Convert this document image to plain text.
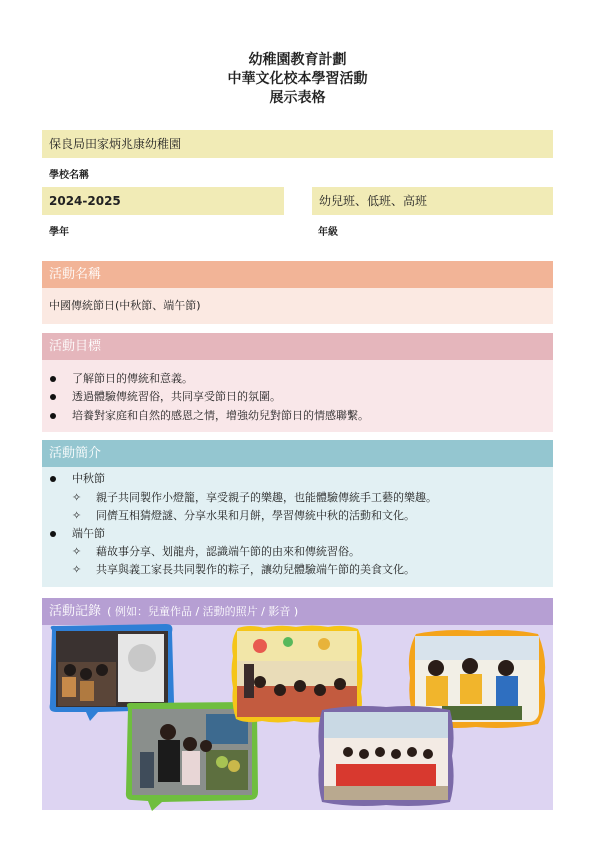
幼稚園教育計劃
中華文化校本學習活動
展示表格
保良局田家炳兆康幼稚園
學校名稱
2024-2025
學年
幼兒班、低班、高班
年級
活動名稱
中國傳統節日(中秋節、端午節)
活動目標
了解節日的傳統和意義。
透過體驗傳統習俗，共同享受節日的氛圍。
培養對家庭和自然的感恩之情，增強幼兒對節日的情感聯繫。
活動簡介
中秋節
✧ 親子共同製作小燈籠，享受親子的樂趣，也能體驗傳統手工藝的樂趣。
✧ 同儕互相猜燈謎、分享水果和月餅，學習傳統中秋的活動和文化。
端午節
✧ 藉故事分享、划龍舟，認識端午節的由來和傳統習俗。
✧ 共享與義工家長共同製作的粽子，讓幼兒體驗端午節的美食文化。
活動記錄 ( 例如：兒童作品 / 活動的照片 / 影音 )
